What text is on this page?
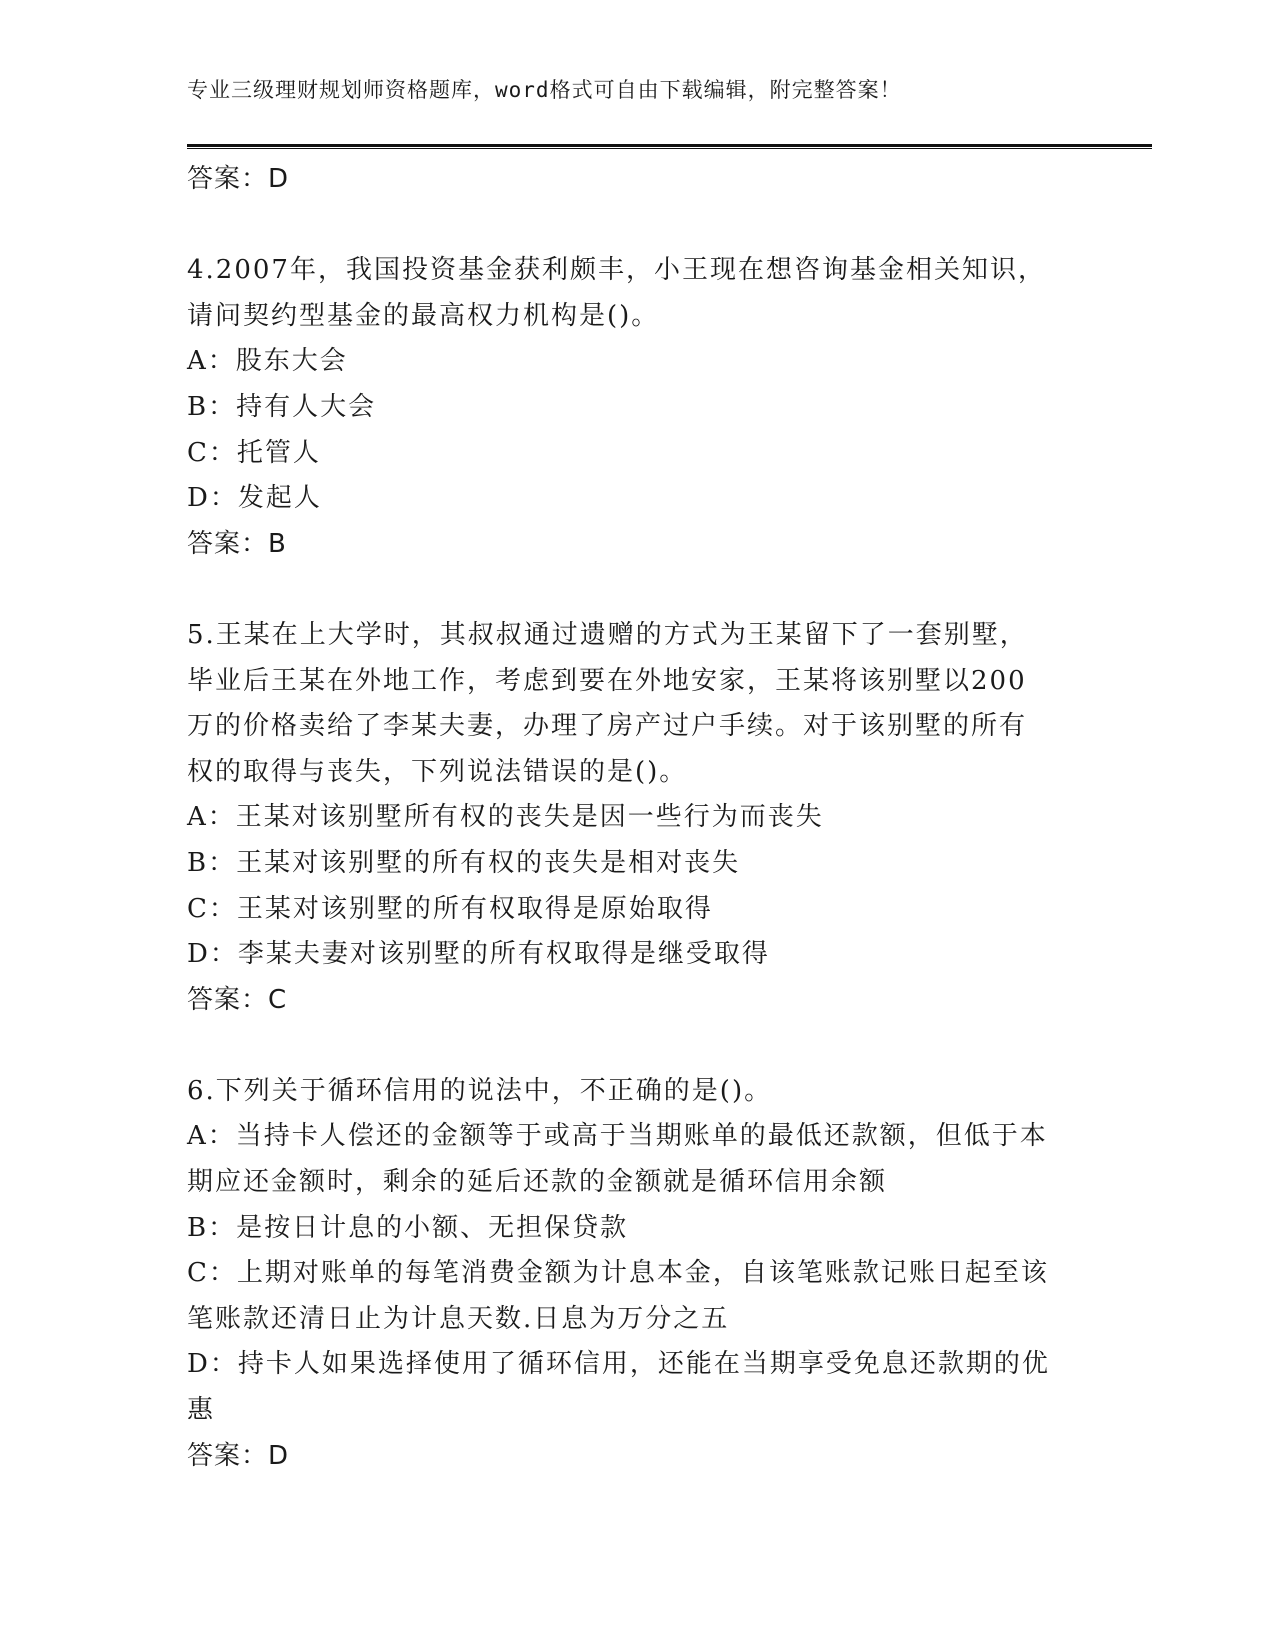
专业三级理财规划师资格题库，word格式可自由下载编辑，附完整答案！
答案：D
4.2007年，我国投资基金获利颇丰，小王现在想咨询基金相关知识，
请问契约型基金的最高权力机构是()。
A：股东大会
B：持有人大会
C：托管人
D：发起人
答案：B
5.王某在上大学时，其叔叔通过遗赠的方式为王某留下了一套别墅，
毕业后王某在外地工作，考虑到要在外地安家，王某将该别墅以200
万的价格卖给了李某夫妻，办理了房产过户手续。对于该别墅的所有
权的取得与丧失，下列说法错误的是()。
A：王某对该别墅所有权的丧失是因一些行为而丧失
B：王某对该别墅的所有权的丧失是相对丧失
C：王某对该别墅的所有权取得是原始取得
D：李某夫妻对该别墅的所有权取得是继受取得
答案：C
6.下列关于循环信用的说法中，不正确的是()。
A：当持卡人偿还的金额等于或高于当期账单的最低还款额，但低于本
期应还金额时，剩余的延后还款的金额就是循环信用余额
B：是按日计息的小额、无担保贷款
C：上期对账单的每笔消费金额为计息本金，自该笔账款记账日起至该
笔账款还清日止为计息天数.日息为万分之五
D：持卡人如果选择使用了循环信用，还能在当期享受免息还款期的优
惠
答案：D
